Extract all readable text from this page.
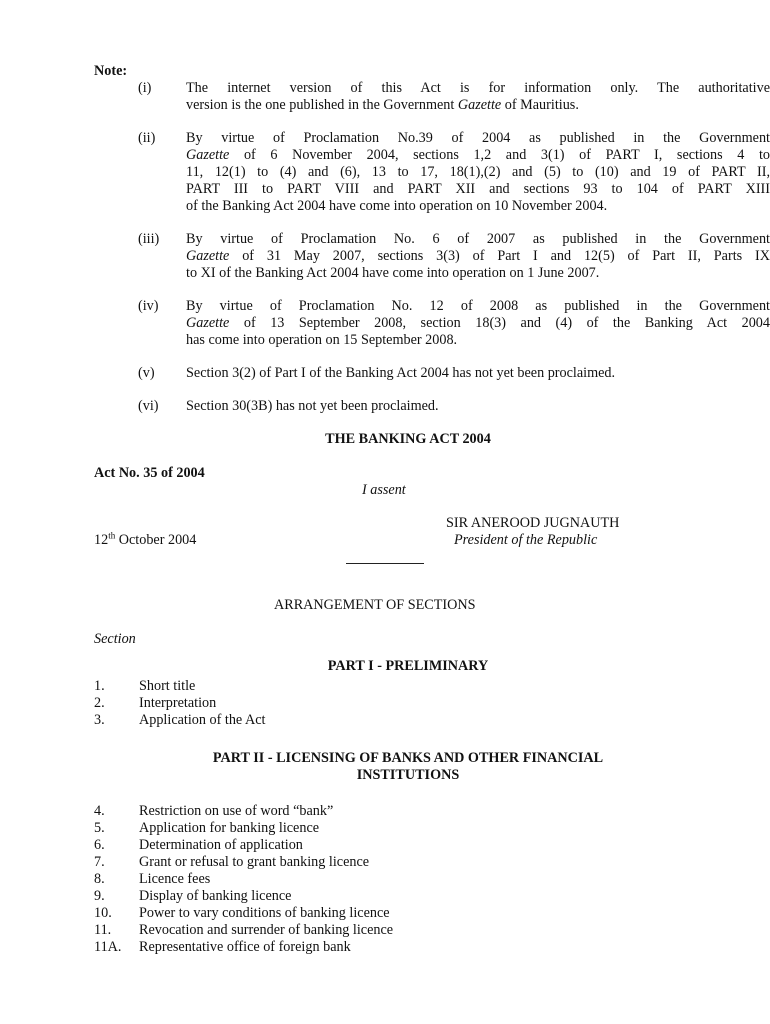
Note:
(i) The internet version of this Act is for information only. The authoritative
version is the one published in the Government Gazette of Mauritius.
(ii) By virtue of Proclamation No.39 of 2004 as published in the Government
Gazette of 6 November 2004, sections 1,2 and 3(1) of PART I, sections 4 to
11, 12(1) to (4) and (6), 13 to 17, 18(1),(2) and (5) to (10) and 19 of PART II,
PART III to PART VIII and PART XII and sections 93 to 104 of PART XIII
of the Banking Act 2004 have come into operation on 10 November 2004.
(iii) By virtue of Proclamation No. 6 of 2007 as published in the Government
Gazette of 31 May 2007, sections 3(3) of Part I and 12(5) of Part II, Parts IX
to XI of the Banking Act 2004 have come into operation on 1 June 2007.
(iv) By virtue of Proclamation No. 12 of 2008 as published in the Government
Gazette of 13 September 2008, section 18(3) and (4) of the Banking Act 2004
has come into operation on 15 September 2008.
(v) Section 3(2) of Part I of the Banking Act 2004 has not yet been proclaimed.
(vi) Section 30(3B) has not yet been proclaimed.
THE BANKING ACT 2004
Act No. 35 of 2004
I assent
SIR ANEROOD JUGNAUTH
12th October 2004	President of the Republic
ARRANGEMENT OF SECTIONS
Section
PART I - PRELIMINARY
1. Short title
2. Interpretation
3. Application of the Act
PART II - LICENSING OF BANKS AND OTHER FINANCIAL
INSTITUTIONS
4. Restriction on use of word “bank”
5. Application for banking licence
6. Determination of application
7. Grant or refusal to grant banking licence
8. Licence fees
9. Display of banking licence
10. Power to vary conditions of banking licence
11. Revocation and surrender of banking licence
11A. Representative office of foreign bank
